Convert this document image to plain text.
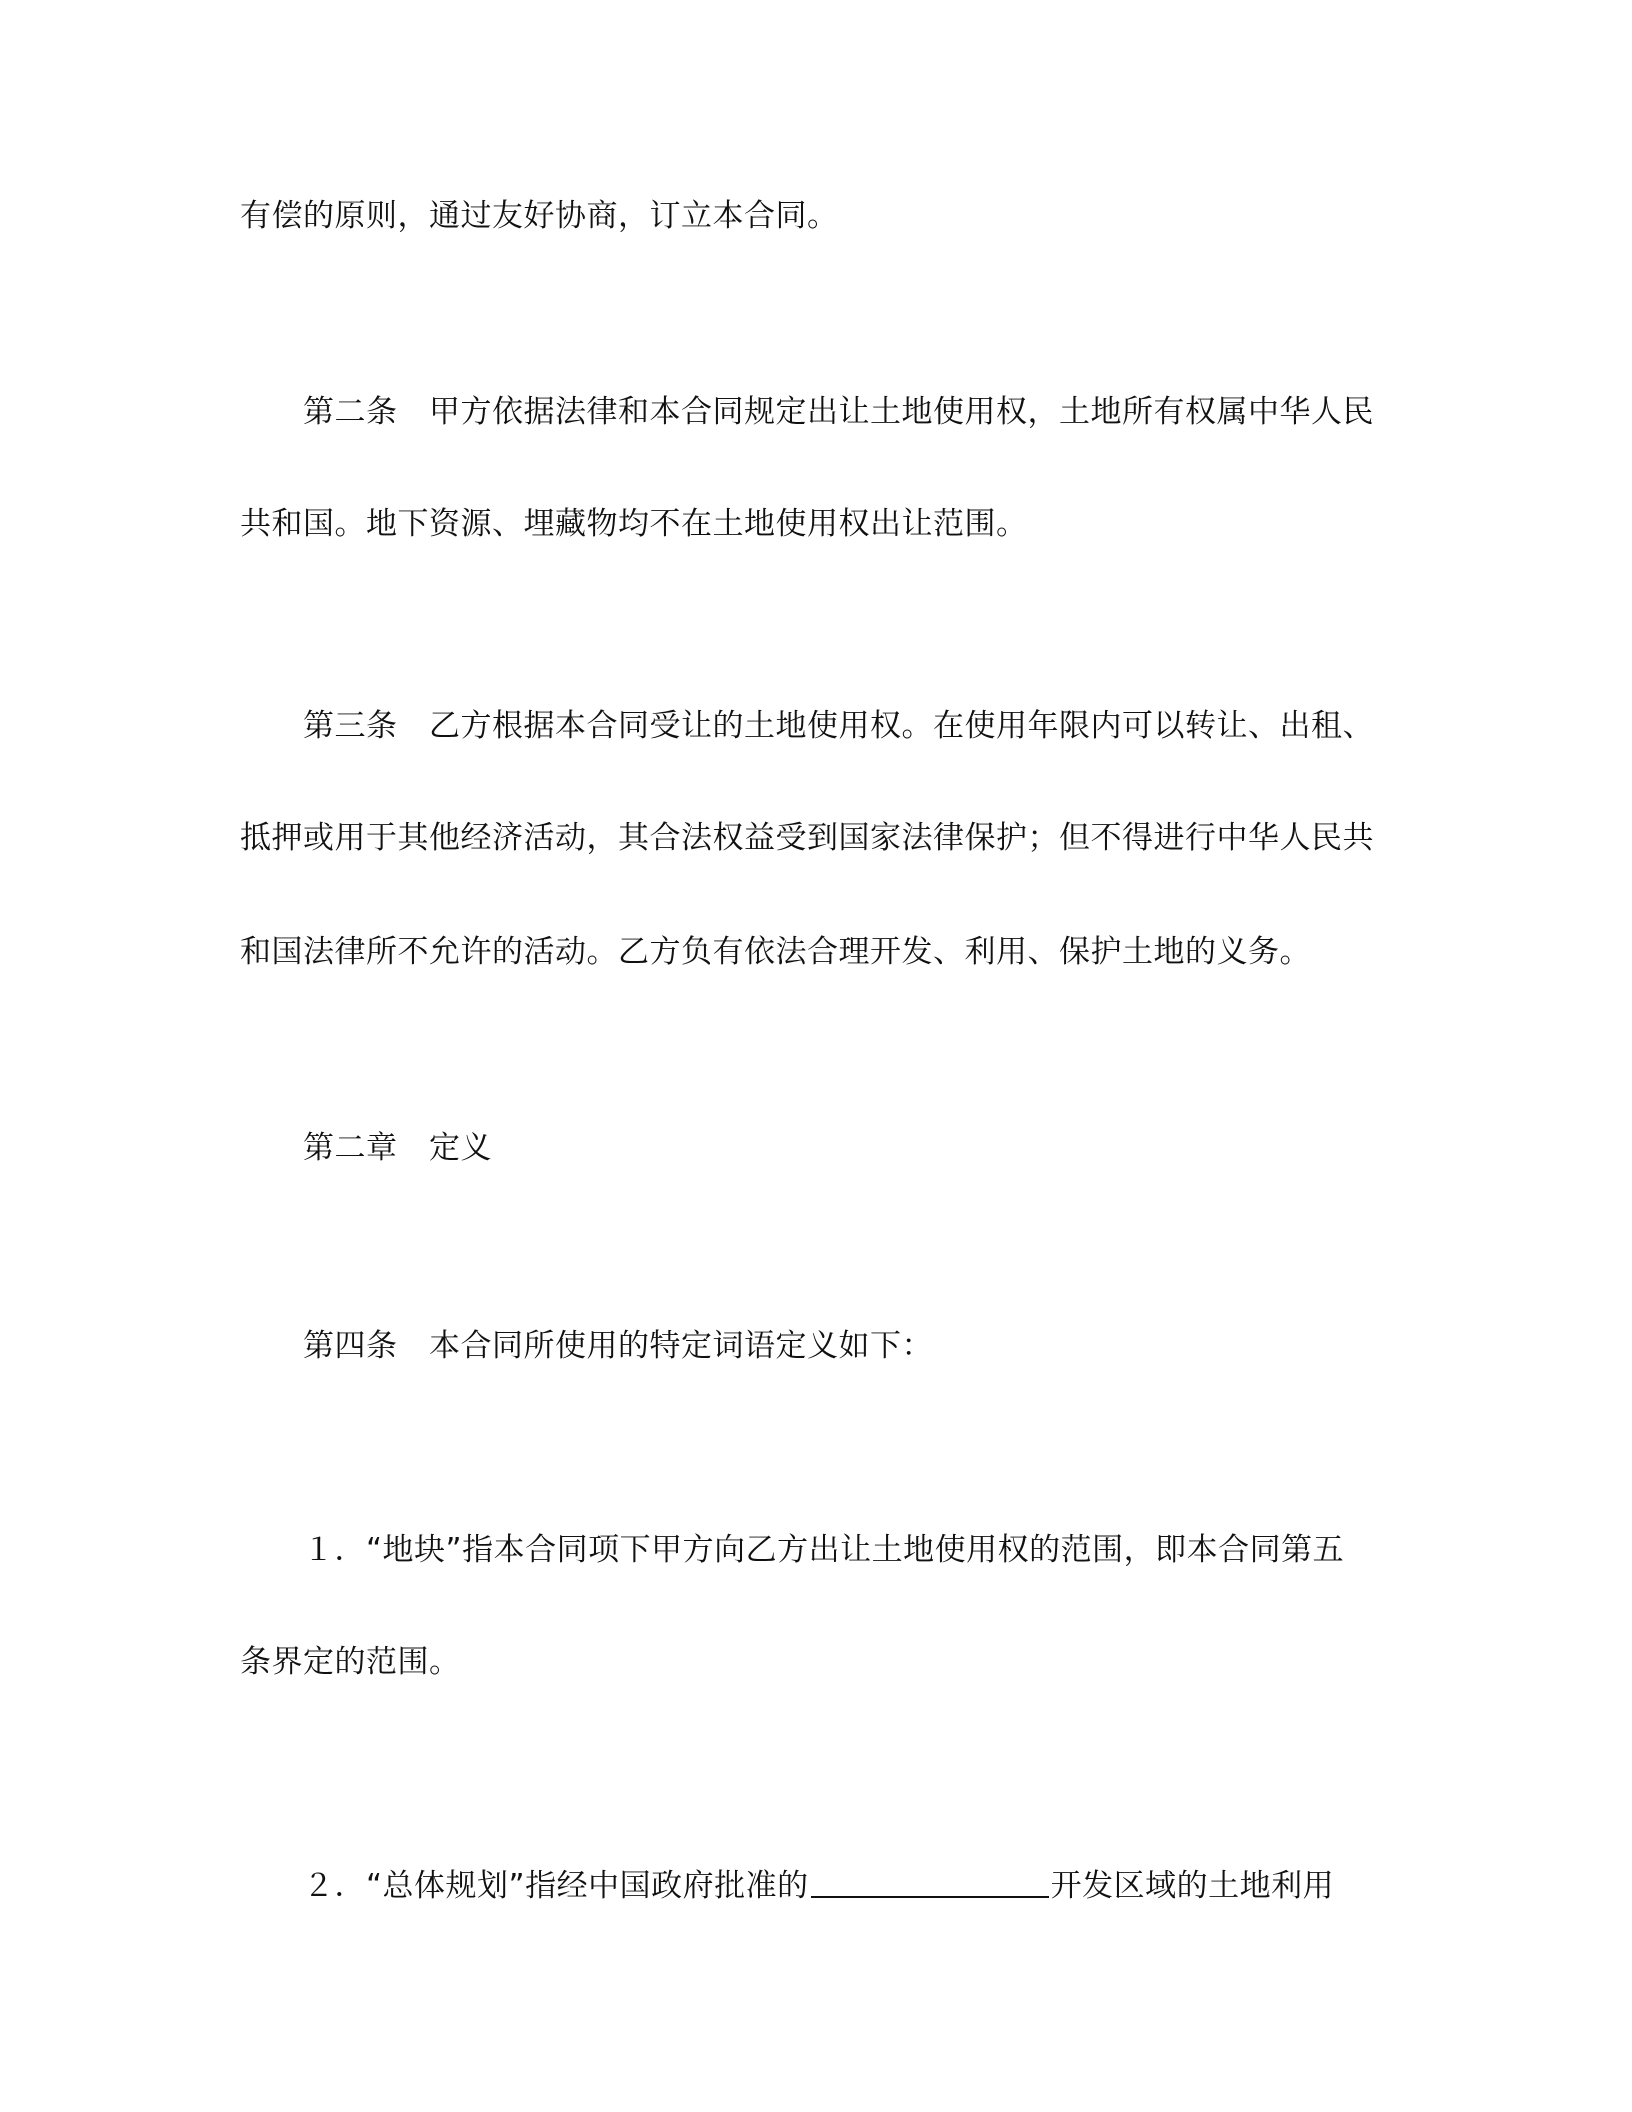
有偿的原则，通过友好协商，订立本合同。
第二条　甲方依据法律和本合同规定出让土地使用权，土地所有权属中华人民
共和国。地下资源、埋藏物均不在土地使用权出让范围。
第三条　乙方根据本合同受让的土地使用权。在使用年限内可以转让、出租、
抵押或用于其他经济活动，其合法权益受到国家法律保护；但不得进行中华人民共
和国法律所不允许的活动。乙方负有依法合理开发、利用、保护土地的义务。
第二章　定义
第四条　本合同所使用的特定词语定义如下：
１．“地块”指本合同项下甲方向乙方出让土地使用权的范围，即本合同第五
条界定的范围。
２．“总体规划”指经中国政府批准的	开发区域的土地利用
